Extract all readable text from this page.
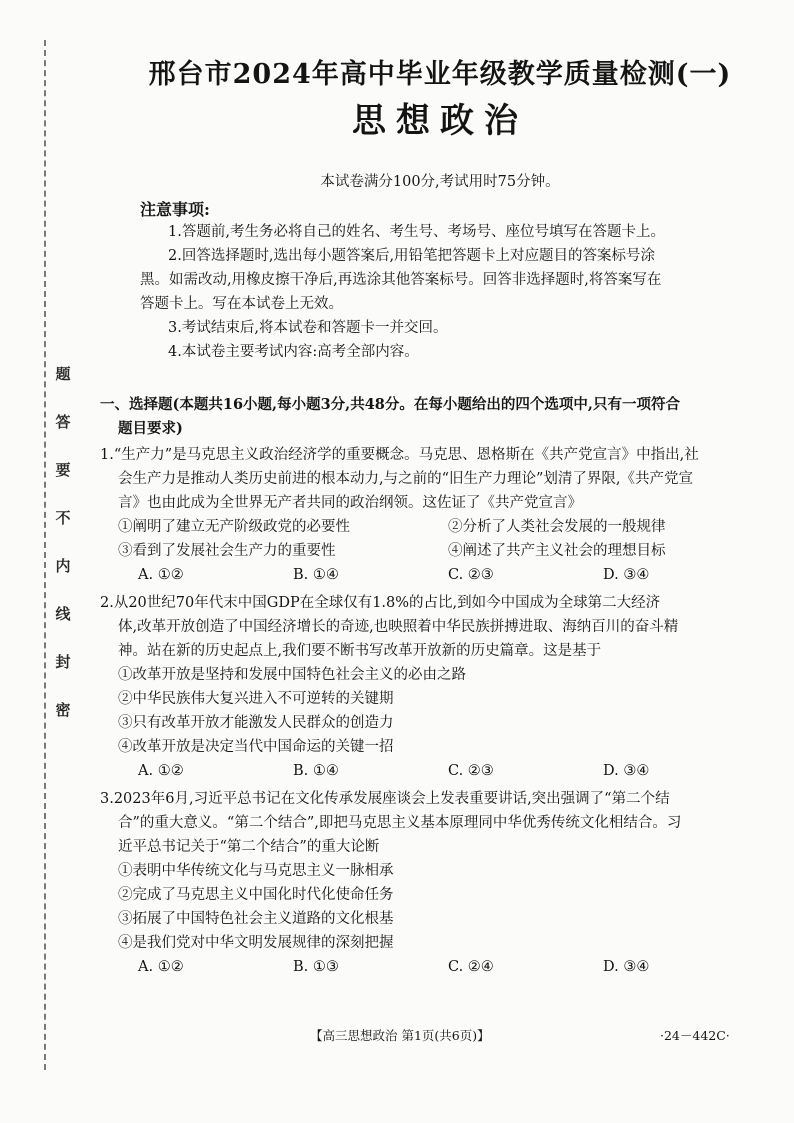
题
答
要
不
内
线
封
密
邢台市2024年高中毕业年级教学质量检测(一)
思想政治
本试卷满分100分,考试用时75分钟。
注意事项:

1.答题前,考生务必将自己的姓名、考生号、考场号、座位号填写在答题卡上。

2.回答选择题时,选出每小题答案后,用铅笔把答题卡上对应题目的答案标号涂

黑。如需改动,用橡皮擦干净后,再选涂其他答案标号。回答非选择题时,将答案写在

答题卡上。写在本试卷上无效。

3.考试结束后,将本试卷和答题卡一并交回。

4.本试卷主要考试内容:高考全部内容。

一、选择题(本题共16小题,每小题3分,共48分。在每小题给出的四个选项中,只有一项符合
题目要求)
1.“生产力”是马克思主义政治经济学的重要概念。马克思、恩格斯在《共产党宣言》中指出,社
会生产力是推动人类历史前进的根本动力,与之前的“旧生产力理论”划清了界限,《共产党宣
言》也由此成为全世界无产者共同的政治纲领。这佐证了《共产党宣言》
①阐明了建立无产阶级政党的必要性	②分析了人类社会发展的一般规律
③看到了发展社会生产力的重要性	④阐述了共产主义社会的理想目标
A. ①②	B. ①④	C. ②③	D. ③④
2.从20世纪70年代末中国GDP在全球仅有1.8%的占比,到如今中国成为全球第二大经济
体,改革开放创造了中国经济增长的奇迹,也映照着中华民族拼搏进取、海纳百川的奋斗精
神。站在新的历史起点上,我们要不断书写改革开放新的历史篇章。这是基于
①改革开放是坚持和发展中国特色社会主义的必由之路
②中华民族伟大复兴进入不可逆转的关键期
③只有改革开放才能激发人民群众的创造力
④改革开放是决定当代中国命运的关键一招
A. ①②	B. ①④	C. ②③	D. ③④
3.2023年6月,习近平总书记在文化传承发展座谈会上发表重要讲话,突出强调了“第二个结
合”的重大意义。“第二个结合”,即把马克思主义基本原理同中华优秀传统文化相结合。习
近平总书记关于“第二个结合”的重大论断
①表明中华传统文化与马克思主义一脉相承
②完成了马克思主义中国化时代化使命任务
③拓展了中国特色社会主义道路的文化根基
④是我们党对中华文明发展规律的深刻把握
A. ①②	B. ①③	C. ②④	D. ③④
【高三思想政治 第1页(共6页)】	·24－442C·
